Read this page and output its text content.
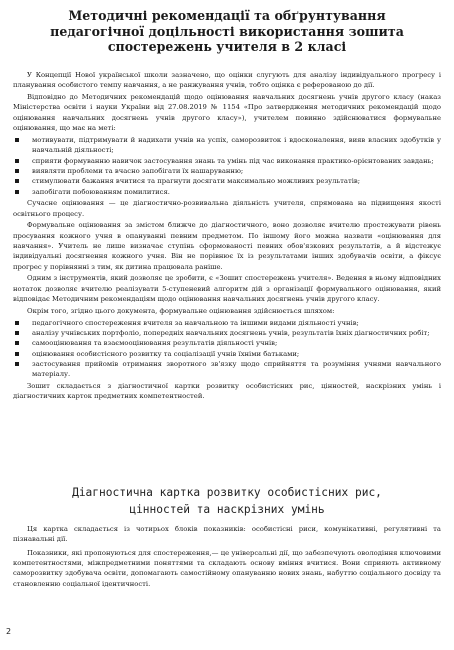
Методичні рекомендації та обґрунтування
педагогічної доцільності використання зошита
спостережень учителя в 2 класі

У Концепції Нової української школи зазначено, що оцінки слугують для аналізу індивідуального прогресу і планування особистого темпу навчання, а не ранжування учнів, тобто оцінка є реферованою до дії.

Відповідно до Методичних рекомендацій щодо оцінювання навчальних досягнень учнів другого класу (наказ Міністерства освіти і науки України від 27.08.2019 № 1154 «Про затвердження методичних рекомендацій щодо оцінювання навчальних досягнень учнів другого класу»), учителем повинно здійснюватися формувальне оцінювання, що має на меті:

мотивувати, підтримувати й надихати учнів на успіх, саморозвиток і вдосконалення, вияв власних здобутків у навчальній діяльності;
сприяти формуванню навичок застосування знань та умінь під час виконання практико-орієнтованих завдань;
виявляти проблеми та вчасно запобігати їх нашаруванню;
стимулювати бажання вчитися та прагнути досягати максимально можливих результатів;
запобігати побоюванням помилитися.

Сучасне оцінювання — це діагностично-розвивальна діяльність учителя, спрямована на підвищення якості освітнього процесу.

Формувальне оцінювання за змістом ближче до діагностичного, воно дозволяє вчителю простежувати рівень просування кожного учня в опануванні певним предметом. По іншому його можна назвати «оцінювання для навчання». Учитель не лише визначає ступінь сформованості певних обов'язкових результатів, а й відстежує індивідуальні досягнення кожного учня. Він не порівнює їх із результатами інших здобувачів освіти, а фіксує прогрес у порівнянні з тим, як дитина працювала раніше.

Одним з інструментів, який дозволяє це зробити, є «Зошит спостережень учителя». Ведення в ньому відповідних нотаток дозволяє вчителю реалізувати 5-ступеневий алгоритм дій з організації формувального оцінювання, який відповідає Методичним рекомендаціям щодо оцінювання навчальних досягнень учнів другого класу.

Окрім того, згідно цього документа, формувальне оцінювання здійснюється шляхом:

педагогічного спостереження вчителя за навчальною та іншими видами діяльності учнів;
аналізу учнівських портфоліо, попередніх навчальних досягнень учнів, результатів їхніх діагностичних робіт;
самооцінювання та взаємооцінювання результатів діяльності учнів;
оцінювання особистісного розвитку та соціалізації учнів їхніми батьками;
застосування прийомів отримання зворотного зв'язку щодо сприйняття та розуміння учнями навчального матеріалу.

Зошит складається з діагностичної картки розвитку особистісних рис, цінностей, наскрізних умінь і діагностичних карток предметних компетентностей.

Діагностична картка розвитку особистісних рис,
цінностей та наскрізних умінь

Ця картка складається із чотирьох блоків показників: особистісні риси, комунікативні, регулятивні та пізнавальні дії.

Показники, які пропонуються для спостереження,— це універсальні дії, що забезпечують оволодіння ключовими компетентностями, міжпредметними поняттями та складають основу вміння вчитися. Вони сприяють активному саморозвитку здобувача освіти, допомагають самостійному опануванню нових знань, набуттю соціального досвіду та становленню соціальної ідентичності.

2
